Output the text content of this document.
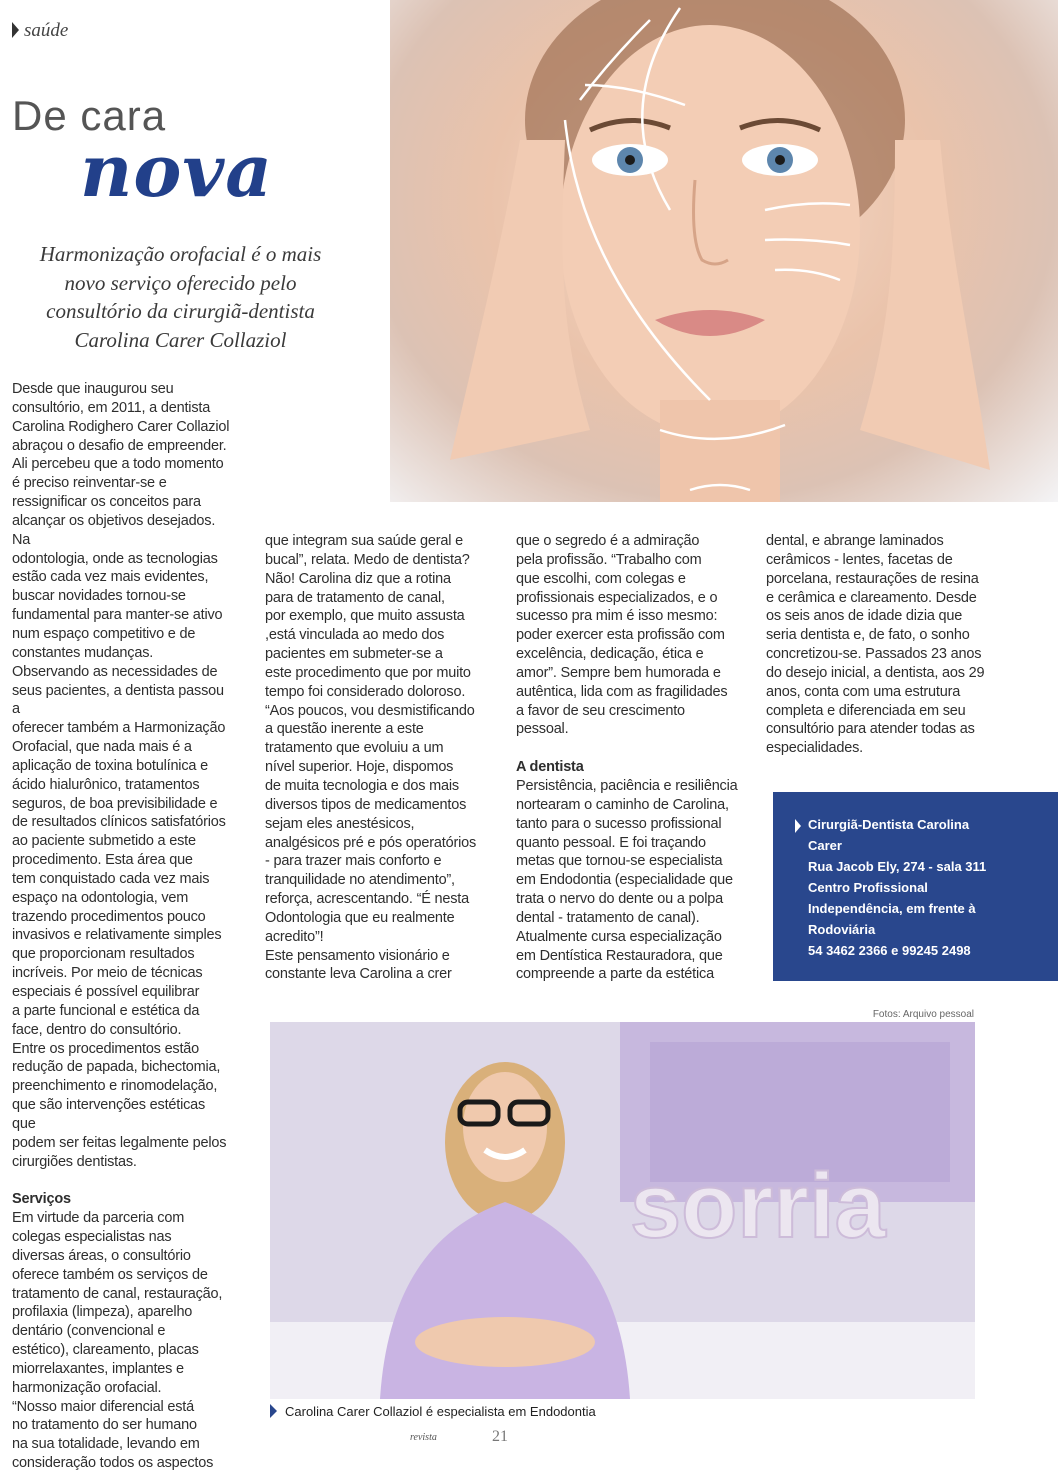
saúde
De cara
nova
Harmonização orofacial é o mais novo serviço oferecido pelo consultório da cirurgiã-dentista Carolina Carer Collaziol

Desde que inaugurou seu
consultório, em 2011, a dentista
Carolina Rodighero Carer Collaziol
abraçou o desafio de empreender.
Ali percebeu que a todo momento
é preciso reinventar-se e
ressignificar os conceitos para
alcançar os objetivos desejados. Na
odontologia, onde as tecnologias
estão cada vez mais evidentes,
buscar novidades tornou-se
fundamental para manter-se ativo
num espaço competitivo e de
constantes mudanças.
Observando as necessidades de
seus pacientes, a dentista passou a
oferecer também a Harmonização
Orofacial, que nada mais é a
aplicação de toxina botulínica e
ácido hialurônico, tratamentos
seguros, de boa previsibilidade e
de resultados clínicos satisfatórios
ao paciente submetido a este
procedimento. Esta área que
tem conquistado cada vez mais
espaço na odontologia, vem
trazendo procedimentos pouco
invasivos e relativamente simples
que proporcionam resultados
incríveis. Por meio de técnicas
especiais é possível equilibrar
a parte funcional e estética da
face, dentro do consultório.
Entre os procedimentos estão
redução de papada, bichectomia,
preenchimento e rinomodelação,
que são intervenções estéticas que
podem ser feitas legalmente pelos
cirurgiões dentistas.

Serviços

Em virtude da parceria com
colegas especialistas nas
diversas áreas, o consultório
oferece também os serviços de
tratamento de canal, restauração,
profilaxia (limpeza), aparelho
dentário (convencional e
estético), clareamento, placas
miorrelaxantes, implantes e
harmonização orofacial.
“Nosso maior diferencial está
no tratamento do ser humano
na sua totalidade, levando em
consideração todos os aspectos

que integram sua saúde geral e
bucal”, relata. Medo de dentista?
Não! Carolina diz que a rotina
para de tratamento de canal,
por exemplo, que muito assusta
,está vinculada ao medo dos
pacientes em submeter-se a
este procedimento que por muito
tempo foi considerado doloroso.
“Aos poucos, vou desmistificando
a questão inerente a este
tratamento que evoluiu a um
nível superior. Hoje, dispomos
de muita tecnologia e dos mais
diversos tipos de medicamentos
sejam eles anestésicos,
analgésicos pré e pós operatórios
- para trazer mais conforto e
tranquilidade no atendimento”,
reforça, acrescentando. “É nesta
Odontologia que eu realmente
acredito”!
Este pensamento visionário e
constante leva Carolina a crer

que o segredo é a admiração
pela profissão. “Trabalho com
que escolhi, com colegas e
profissionais especializados, e o
sucesso pra mim é isso mesmo:
poder exercer esta profissão com
excelência, dedicação, ética e
amor”. Sempre bem humorada e
autêntica, lida com as fragilidades
a favor de seu crescimento
pessoal.

A dentista

Persistência, paciência e resiliência
nortearam o caminho de Carolina,
tanto para o sucesso profissional
quanto pessoal. E foi traçando
metas que tornou-se especialista
em Endodontia (especialidade que
trata o nervo do dente ou a polpa
dental - tratamento de canal).
Atualmente cursa especialização
em Dentística Restauradora, que
compreende a parte da estética

dental, e abrange laminados
cerâmicos - lentes, facetas de
porcelana, restaurações de resina
e cerâmica e clareamento. Desde
os seis anos de idade dizia que
seria dentista e, de fato, o sonho
concretizou-se. Passados 23 anos
do desejo inicial, a dentista, aos 29
anos, conta com uma estrutura
completa e diferenciada em seu
consultório para atender todas as
especialidades.

Cirurgiã-Dentista Carolina
Carer
Rua Jacob Ely, 274 - sala 311
Centro Profissional
Independência, em frente à
Rodoviária
54 3462 2366 e 99245 2498
Fotos: Arquivo pessoal
sorria
Carolina Carer Collaziol é especialista em Endodontia
revista	21
